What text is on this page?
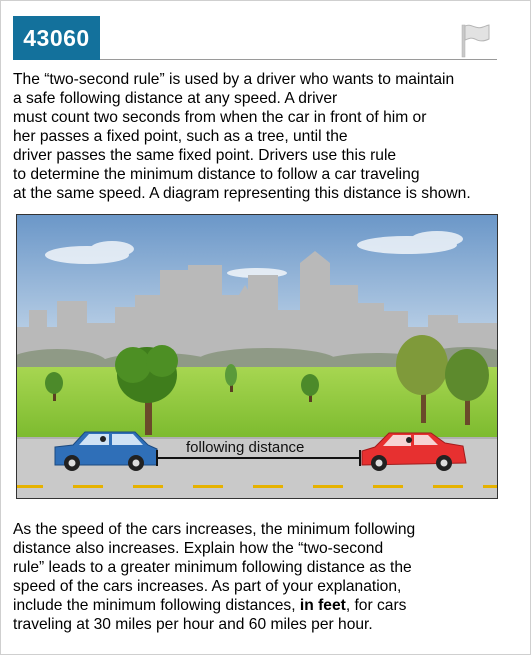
43060
The “two-second rule” is used by a driver who wants to maintain
a safe following distance at any speed. A driver
must count two seconds from when the car in front of him or
her passes a fixed point, such as a tree, until the
driver passes the same fixed point. Drivers use this rule
to determine the minimum distance to follow a car traveling
at the same speed. A diagram representing this distance is shown.
following distance
As the speed of the cars increases, the minimum following
distance also increases. Explain how the “two-second
rule” leads to a greater minimum following distance as the
speed of the cars increases. As part of your explanation,
include the minimum following distances, in feet, for cars
traveling at 30 miles per hour and 60 miles per hour.
